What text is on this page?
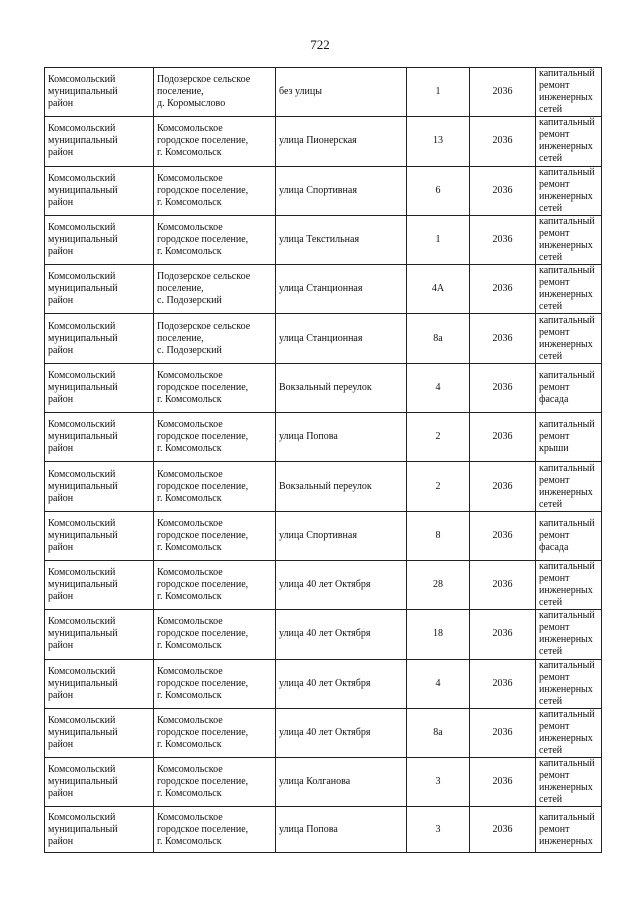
722
Комсомольский
муниципальный
район	Подозерское сельское
поселение,
д. Коромыслово	без улицы	1	2036	капитальный
ремонт
инженерных
сетей

Комсомольский
муниципальный
район	Комсомольское
городское поселение,
г. Комсомольск	улица Пионерская	13	2036	капитальный
ремонт
инженерных
сетей

Комсомольский
муниципальный
район	Комсомольское
городское поселение,
г. Комсомольск	улица Спортивная	6	2036	капитальный
ремонт
инженерных
сетей

Комсомольский
муниципальный
район	Комсомольское
городское поселение,
г. Комсомольск	улица Текстильная	1	2036	капитальный
ремонт
инженерных
сетей

Комсомольский
муниципальный
район	Подозерское сельское
поселение,
с. Подозерский	улица Станционная	4А	2036	капитальный
ремонт
инженерных
сетей

Комсомольский
муниципальный
район	Подозерское сельское
поселение,
с. Подозерский	улица Станционная	8а	2036	капитальный
ремонт
инженерных
сетей

Комсомольский
муниципальный
район	Комсомольское
городское поселение,
г. Комсомольск	Вокзальный переулок	4	2036	капитальный
ремонт фасада

Комсомольский
муниципальный
район	Комсомольское
городское поселение,
г. Комсомольск	улица Попова	2	2036	капитальный
ремонт крыши

Комсомольский
муниципальный
район	Комсомольское
городское поселение,
г. Комсомольск	Вокзальный переулок	2	2036	капитальный
ремонт
инженерных
сетей

Комсомольский
муниципальный
район	Комсомольское
городское поселение,
г. Комсомольск	улица Спортивная	8	2036	капитальный
ремонт фасада

Комсомольский
муниципальный
район	Комсомольское
городское поселение,
г. Комсомольск	улица 40 лет Октября	28	2036	капитальный
ремонт
инженерных
сетей

Комсомольский
муниципальный
район	Комсомольское
городское поселение,
г. Комсомольск	улица 40 лет Октября	18	2036	капитальный
ремонт
инженерных
сетей

Комсомольский
муниципальный
район	Комсомольское
городское поселение,
г. Комсомольск	улица 40 лет Октября	4	2036	капитальный
ремонт
инженерных
сетей

Комсомольский
муниципальный
район	Комсомольское
городское поселение,
г. Комсомольск	улица 40 лет Октября	8а	2036	капитальный
ремонт
инженерных
сетей

Комсомольский
муниципальный
район	Комсомольское
городское поселение,
г. Комсомольск	улица Колганова	3	2036	капитальный
ремонт
инженерных
сетей

Комсомольский
муниципальный
район	Комсомольское
городское поселение,
г. Комсомольск	улица Попова	3	2036	капитальный
ремонт
инженерных
